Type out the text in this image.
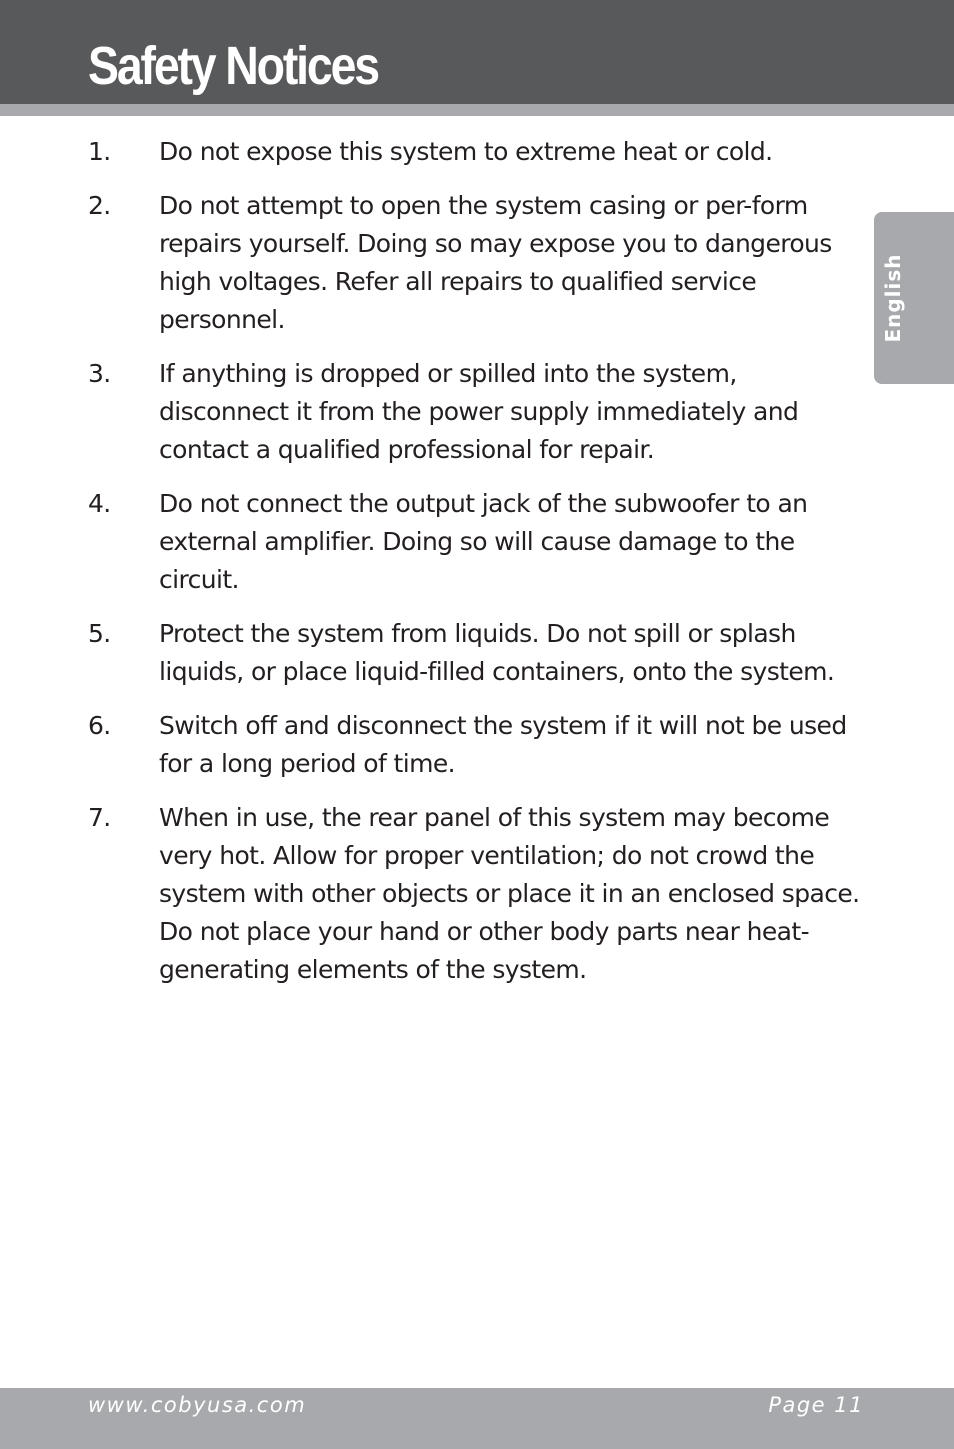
Safety Notices
English
1. Do not expose this system to extreme heat or cold.
2. Do not attempt to open the system casing or per-form repairs yourself. Doing so may expose you to dangerous high voltages. Refer all repairs to qualified service personnel.
3. If anything is dropped or spilled into the system, disconnect it from the power supply immediately and contact a qualified professional for repair.
4. Do not connect the output jack of the subwoofer to an external amplifier. Doing so will cause damage to the circuit.
5. Protect the system from liquids. Do not spill or splash liquids, or place liquid-filled containers, onto the system.
6. Switch off and disconnect the system if it will not be used for a long period of time.
7. When in use, the rear panel of this system may become very hot. Allow for proper ventilation; do not crowd the system with other objects or place it in an enclosed space. Do not place your hand or other body parts near heat-generating elements of the system.
www.cobyusa.com	Page 11
